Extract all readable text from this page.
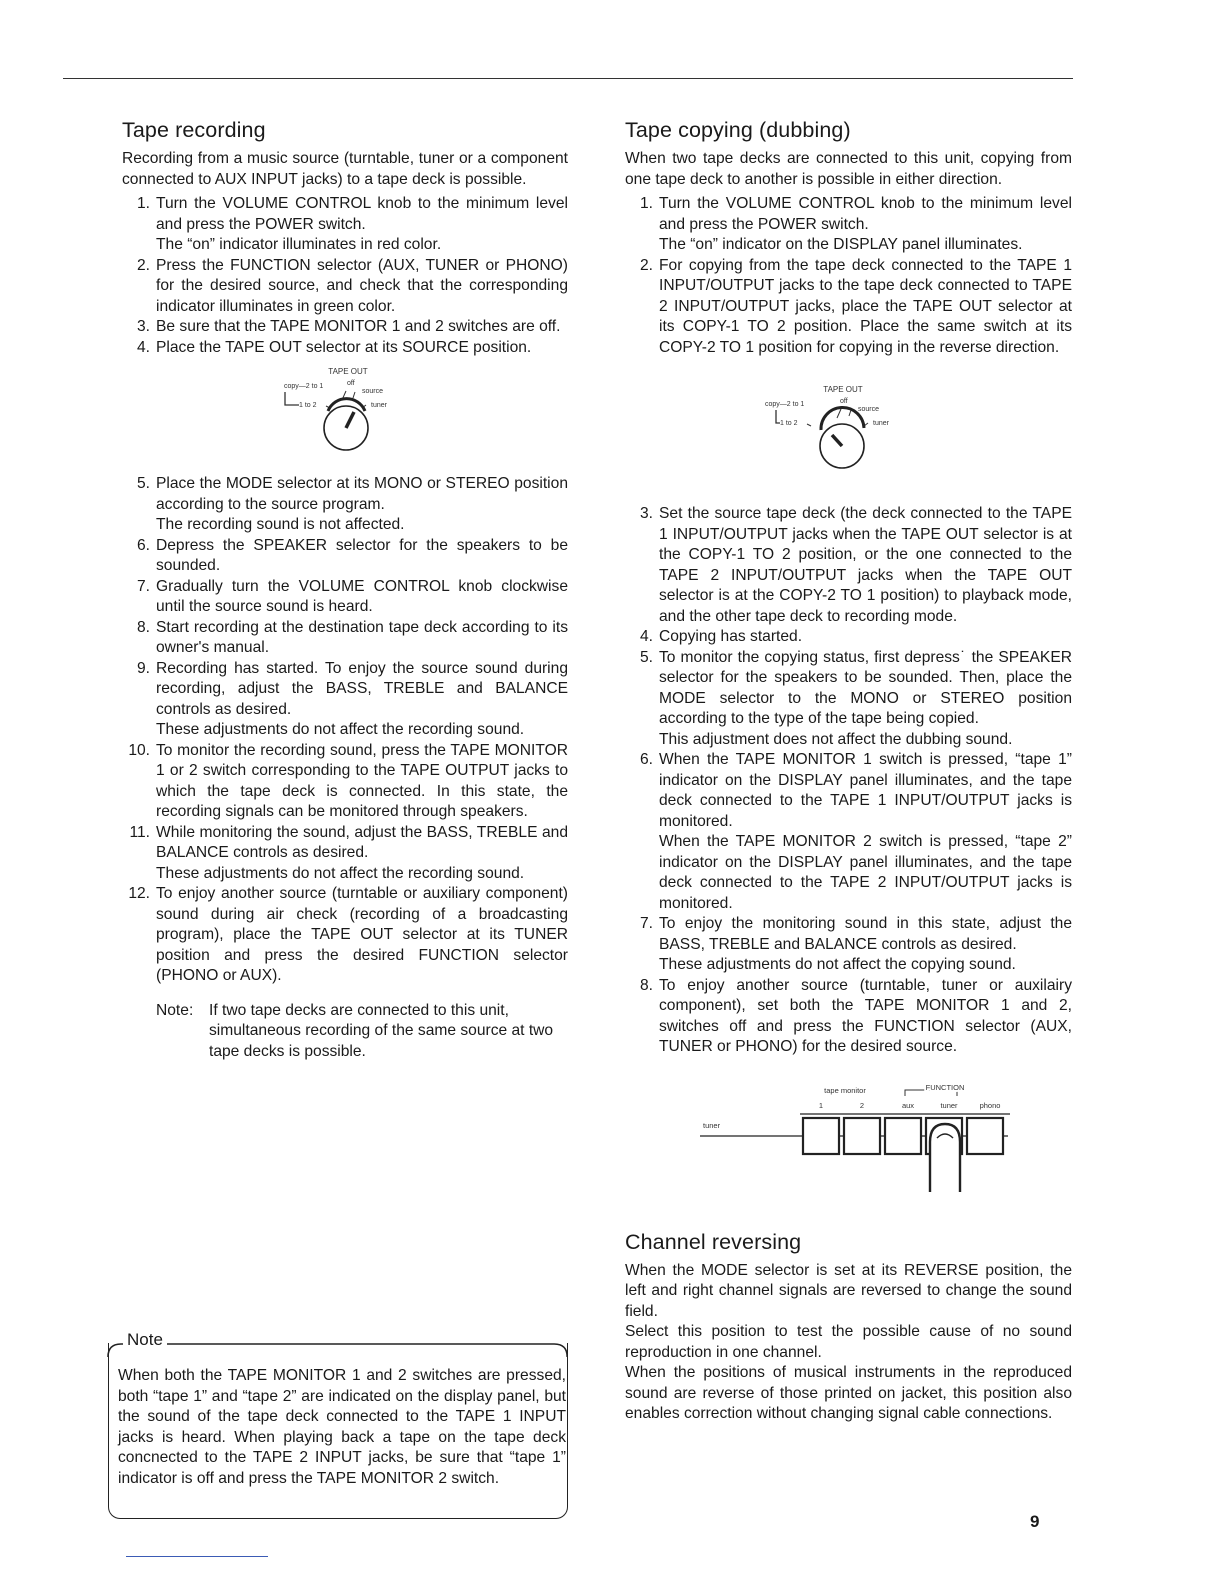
Tape recording

Recording from a music source (turntable, tuner or a component connected to AUX INPUT jacks) to a tape deck is possible.

1. Turn the VOLUME CONTROL knob to the minimum level and press the POWER switch.
The “on” indicator illuminates in red color.
2. Press the FUNCTION selector (AUX, TUNER or PHONO) for the desired source, and check that the corresponding indicator illuminates in green color.
3. Be sure that the TAPE MONITOR 1 and 2 switches are off.
4. Place the TAPE OUT selector at its SOURCE position.
TAPE OUT
copy—2 to 1	off
source
1 to 2	tuner
5. Place the MODE selector at its MONO or STEREO position according to the source program.
The recording sound is not affected.
6. Depress the SPEAKER selector for the speakers to be sounded.
7. Gradually turn the VOLUME CONTROL knob clockwise until the source sound is heard.
8. Start recording at the destination tape deck according to its owner's manual.
9. Recording has started. To enjoy the source sound during recording, adjust the BASS, TREBLE and BALANCE controls as desired.
These adjustments do not affect the recording sound.
10. To monitor the recording sound, press the TAPE MONITOR 1 or 2 switch corresponding to the TAPE OUTPUT jacks to which the tape deck is connected. In this state, the recording signals can be monitored through speakers.
11. While monitoring the sound, adjust the BASS, TREBLE and BALANCE controls as desired.
These adjustments do not affect the recording sound.
12. To enjoy another source (turntable or auxiliary component) sound during air check (recording of a broadcasting program), place the TAPE OUT selector at its TUNER position and press the desired FUNCTION selector (PHONO or AUX).
Note: If two tape decks are connected to this unit, simultaneous recording of the same source at two tape decks is possible.
Tape copying (dubbing)

When two tape decks are connected to this unit, copying from one tape deck to another is possible in either direction.

1. Turn the VOLUME CONTROL knob to the minimum level and press the POWER switch.
The “on” indicator on the DISPLAY panel illuminates.
2. For copying from the tape deck connected to the TAPE 1 INPUT/OUTPUT jacks to the tape deck connected to TAPE 2 INPUT/OUTPUT jacks, place the TAPE OUT selector at its COPY-1 TO 2 position. Place the same switch at its COPY-2 TO 1 position for copying in the reverse direction.
TAPE OUT
copy—2 to 1	off
source
1 to 2	tuner
3. Set the source tape deck (the deck connected to the TAPE 1 INPUT/OUTPUT jacks when the TAPE OUT selector is at the COPY-1 TO 2 position, or the one connected to the TAPE 2 INPUT/OUTPUT jacks when the TAPE OUT selector is at the COPY-2 TO 1 position) to playback mode, and the other tape deck to recording mode.
4. Copying has started.
5. To monitor the copying status, first depress˙ the SPEAKER selector for the speakers to be sounded. Then, place the MODE selector to the MONO or STEREO position according to the type of the tape being copied.
This adjustment does not affect the dubbing sound.
6. When the TAPE MONITOR 1 switch is pressed, “tape 1” indicator on the DISPLAY panel illuminates, and the tape deck connected to the TAPE 1 INPUT/OUTPUT jacks is monitored.
When the TAPE MONITOR 2 switch is pressed, “tape 2” indicator on the DISPLAY panel illuminates, and the tape deck connected to the TAPE 2 INPUT/OUTPUT jacks is monitored.
7. To enjoy the monitoring sound in this state, adjust the BASS, TREBLE and BALANCE controls as desired.
These adjustments do not affect the copying sound.
8. To enjoy another source (turntable, tuner or auxilairy component), set both the TAPE MONITOR 1 and 2, switches off and press the FUNCTION selector (AUX, TUNER or PHONO) for the desired source.
tape monitor	FUNCTION
1	2	aux	tuner	phono
tuner
Channel reversing

When the MODE selector is set at its REVERSE position, the left and right channel signals are reversed to change the sound field.

Select this position to test the possible cause of no sound reproduction in one channel.

When the positions of musical instruments in the reproduced sound are reverse of those printed on jacket, this position also enables correction without changing signal cable connections.

Note

When both the TAPE MONITOR 1 and 2 switches are pressed, both “tape 1” and “tape 2” are indicated on the display panel, but the sound of the tape deck connected to the TAPE 1 INPUT jacks is heard. When playing back a tape on the tape deck concnected to the TAPE 2 INPUT jacks, be sure that “tape 1” indicator is off and press the TAPE MONITOR 2 switch.

9
